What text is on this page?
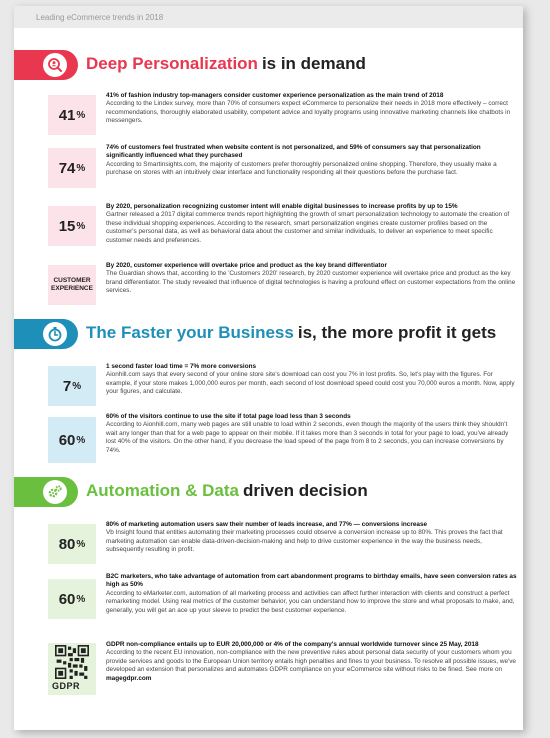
Leading eCommerce trends in 2018
Deep Personalization is in demand
41 %
41% of fashion industry top-managers consider customer experience personalization as the main trend of 2018
According to the Lindex survey, more than 70% of consumers expect eCommerce to personalize their needs in 2018 more effectively – correct recommendations, thoroughly elaborated usability, competent advice and loyalty programs using innovative marketing channels like chatbots in messengers.
74 %
74% of customers feel frustrated when website content is not personalized, and 59% of consumers say that personalization significantly influenced what they purchased
According to Smartinsights.com, the majority of customers prefer thoroughly personalized online shopping. Therefore, they usually make a purchase on stores with an intuitively clear interface and functionality responding all their questions before the purchase fact.
15 %
By 2020, personalization recognizing customer intent will enable digital businesses to increase profits by up to 15%
Gartner released a 2017 digital commerce trends report highlighting the growth of smart personalization technology to automate the creation of these individual shopping experiences. According to the research, smart personalization engines create customer profiles based on the customer's personal data, as well as behavioral data about the customer and similar individuals, to deliver an experience to meet specific customer needs and preferences.
CUSTOMER
EXPERIENCE
By 2020, customer experience will overtake price and product as the key brand differentiator
The Guardian shows that, according to the 'Customers 2020' research, by 2020 customer experience will overtake price and product as the key brand differentiator. The study revealed that influence of digital technologies is having a profound effect on customer expectations from the online services.
The Faster your Business is, the more profit it gets
7 %
1 second faster load time = 7% more conversions
Aionhill.com says that every second of your online store site's download can cost you 7% in lost profits. So, let's play with the figures. For example, if your store makes 1,000,000 euros per month, each second of lost download speed could cost you 70,000 euros a month. Now, apply your figures, and calculate.
60 %
60% of the visitors continue to use the site if total page load less than 3 seconds
According to Aionhill.com, many web pages are still unable to load within 2 seconds, even though the majority of the users think they shouldn't wait any longer than that for a web page to appear on their mobile. If it takes more than 3 seconds in total for your page to load, you've already lost 40% of the visitors. On the other hand, if you decrease the load speed of the page from 8 to 2 seconds, you can increase conversions by 74%.
Automation & Data driven decision
80 %
80% of marketing automation users saw their number of leads increase, and 77% — conversions increase
Vb Insight found that entities automating their marketing processes could observe a conversion increase up to 80%. This proves the fact that marketing automation can enable data-driven-decision-making and help to drive customer experience in the way the business needs, subsequently resulting in profit.
60 %
B2C marketers, who take advantage of automation from cart abandonment programs to birthday emails, have seen conversion rates as high as 50%
According to eMarketer.com, automation of all marketing process and activities can affect further interaction with clients and construct a perfect remarketing model. Using real metrics of the customer behavior, you can understand how to improve the store and what proposals to make, and, generally, you will get an ace up your sleeve to predict the best customer experience.
GDPR
GDPR non-compliance entails up to EUR 20,000,000 or 4% of the company's annual worldwide turnover since 25 May, 2018
According to the recent EU innovation, non-compliance with the new preventive rules about personal data security of your customers whom you provide services and goods to the European Union territory entails high penalties and fines to your business. To resolve all possible issues, we've developed an extension that personalizes and automates GDPR compliance on your eCommerce site without risks to be fined. See more on magegdpr.com
